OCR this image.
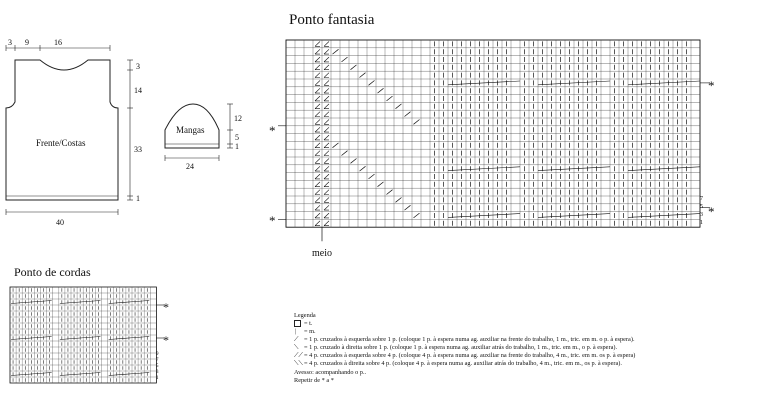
Ponto fantasia
Ponto de cordas
3 9	16
Frente/Costas
3
14
33
1
40
Mangas
12
5
1
24
*
*
*
*
7
5
3
1
meio
*
*
9
7
5
3
1
Legenda
= t.
| = m.
⟋ = 1 p. cruzados à esquerda sobre 1 p. (coloque 1 p. à espera numa ag. auxiliar na frente do trabalho, 1 m., tric. em m. o p. à espera).
⟍ = 1 p. cruzado à direita sobre 1 p. (coloque 1 p. à espera numa ag. auxiliar atrás do trabalho, 1 m., tric. em m., o p. à espera).
⟋⟋ = 4 p. cruzados à esquerda sobre 4 p. (coloque 4 p. à espera numa ag. auxiliar na frente do trabalho, 4 m., tric. em m. os p. à espera)
⟍⟍ = 4 p. cruzados à direita sobre 4 p. (coloque 4 p. à espera numa ag. auxiliar atrás do trabalho, 4 m., tric. em m., os p. à espera).
Avesso: acompanhando o p..
Repetir de * a *
